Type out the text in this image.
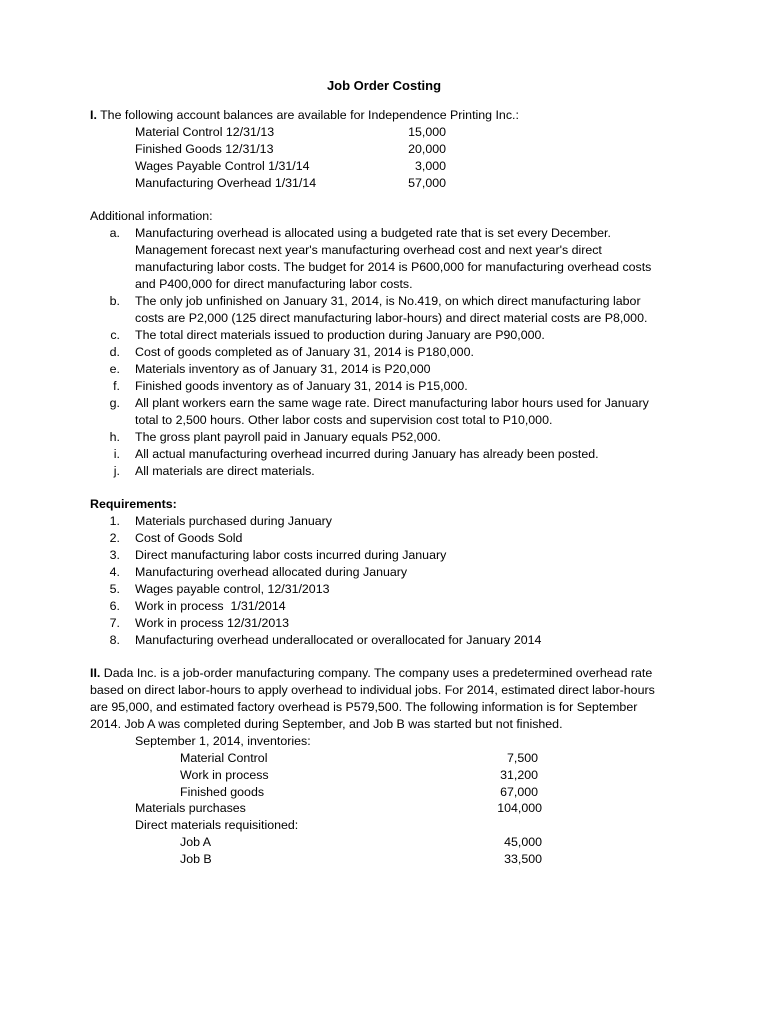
Job Order Costing
I. The following account balances are available for Independence Printing Inc.:
Material Control 12/31/13	15,000
Finished Goods 12/31/13	20,000
Wages Payable Control 1/31/14	3,000
Manufacturing Overhead 1/31/14	57,000
Additional information:
a.	Manufacturing overhead is allocated using a budgeted rate that is set every December.
Management forecast next year's manufacturing overhead cost and next year's direct
manufacturing labor costs. The budget for 2014 is P600,000 for manufacturing overhead costs
and P400,000 for direct manufacturing labor costs.
b.	The only job unfinished on January 31, 2014, is No.419, on which direct manufacturing labor
costs are P2,000 (125 direct manufacturing labor-hours) and direct material costs are P8,000.
c.	The total direct materials issued to production during January are P90,000.
d.	Cost of goods completed as of January 31, 2014 is P180,000.
e.	Materials inventory as of January 31, 2014 is P20,000
f.	Finished goods inventory as of January 31, 2014 is P15,000.
g.	All plant workers earn the same wage rate. Direct manufacturing labor hours used for January
total to 2,500 hours. Other labor costs and supervision cost total to P10,000.
h.	The gross plant payroll paid in January equals P52,000.
i.	All actual manufacturing overhead incurred during January has already been posted.
j.	All materials are direct materials.
Requirements:
1.	Materials purchased during January
2.	Cost of Goods Sold
3.	Direct manufacturing labor costs incurred during January
4.	Manufacturing overhead allocated during January
5.	Wages payable control, 12/31/2013
6.	Work in process  1/31/2014
7.	Work in process 12/31/2013
8.	Manufacturing overhead underallocated or overallocated for January 2014
II. Dada Inc. is a job-order manufacturing company. The company uses a predetermined overhead rate
based on direct labor-hours to apply overhead to individual jobs. For 2014, estimated direct labor-hours
are 95,000, and estimated factory overhead is P579,500. The following information is for September
2014. Job A was completed during September, and Job B was started but not finished.
September 1, 2014, inventories:
Material Control	7,500
Work in process	31,200
Finished goods	67,000
Materials purchases	104,000
Direct materials requisitioned:
Job A	45,000
Job B	33,500
